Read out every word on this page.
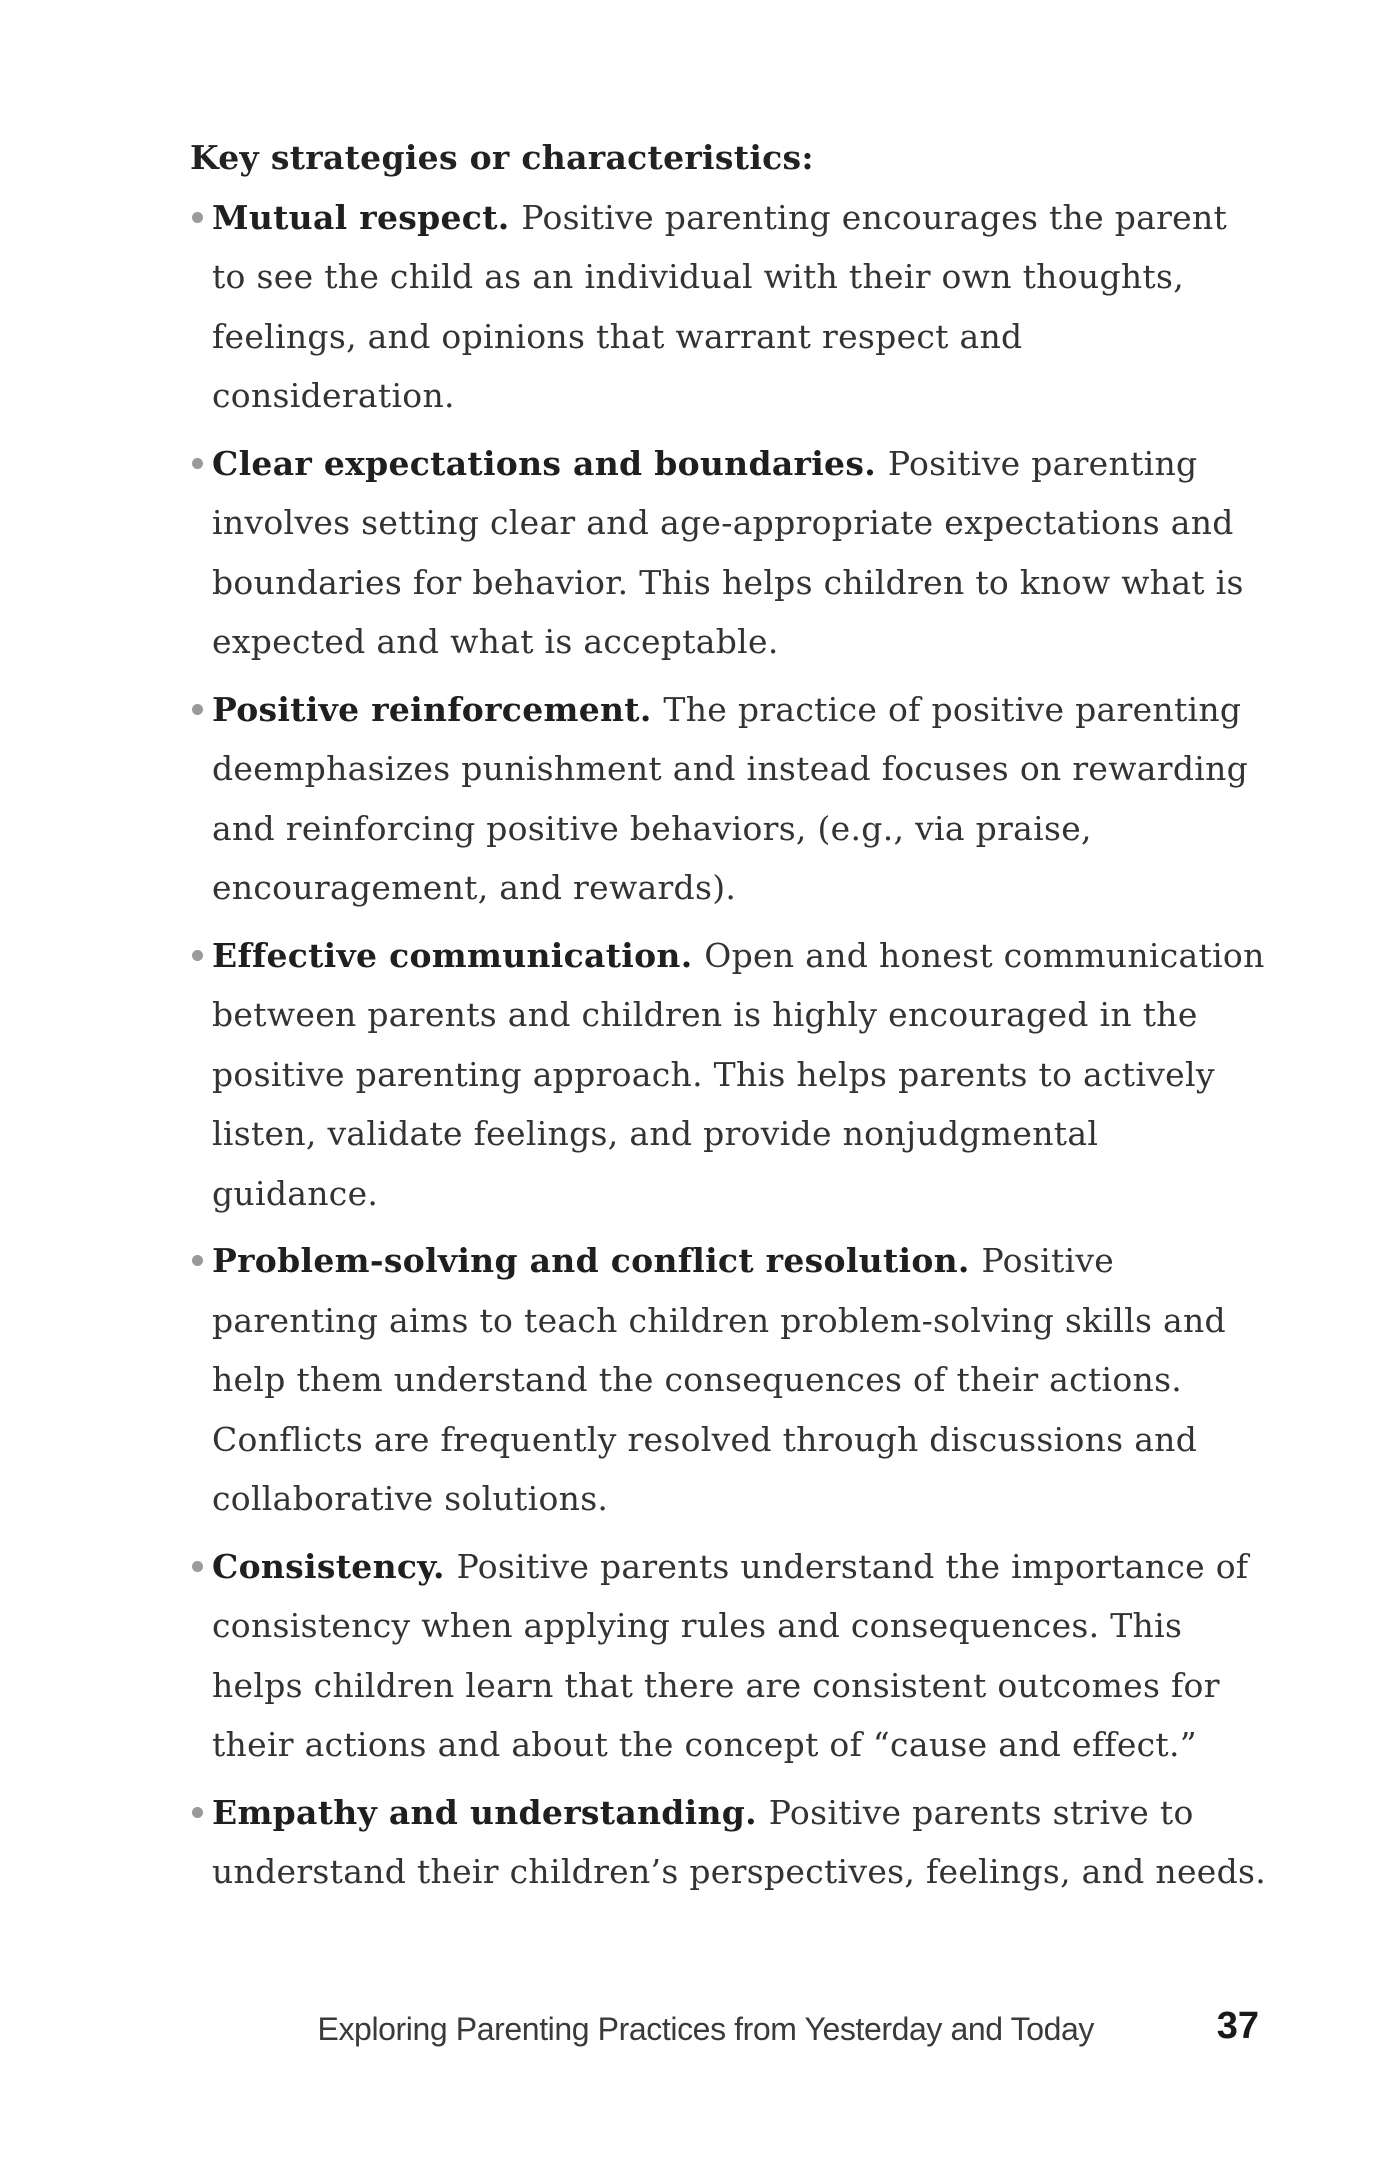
Key strategies or characteristics:
Mutual respect. Positive parenting encourages the parent to see the child as an individual with their own thoughts, feelings, and opinions that warrant respect and consideration.
Clear expectations and boundaries. Positive parenting involves setting clear and age-appropriate expectations and boundaries for behavior. This helps children to know what is expected and what is acceptable.
Positive reinforcement. The practice of positive parenting deemphasizes punishment and instead focuses on rewarding and reinforcing positive behaviors, (e.g., via praise, encouragement, and rewards).
Effective communication. Open and honest communication between parents and children is highly encouraged in the positive parenting approach. This helps parents to actively listen, validate feelings, and provide nonjudgmental guidance.
Problem-solving and conflict resolution. Positive parenting aims to teach children problem-solving skills and help them understand the consequences of their actions. Conflicts are frequently resolved through discussions and collaborative solutions.
Consistency. Positive parents understand the importance of consistency when applying rules and consequences. This helps children learn that there are consistent outcomes for their actions and about the concept of “cause and effect.”
Empathy and understanding. Positive parents strive to understand their children’s perspectives, feelings, and needs.
Exploring Parenting Practices from Yesterday and Today	37
